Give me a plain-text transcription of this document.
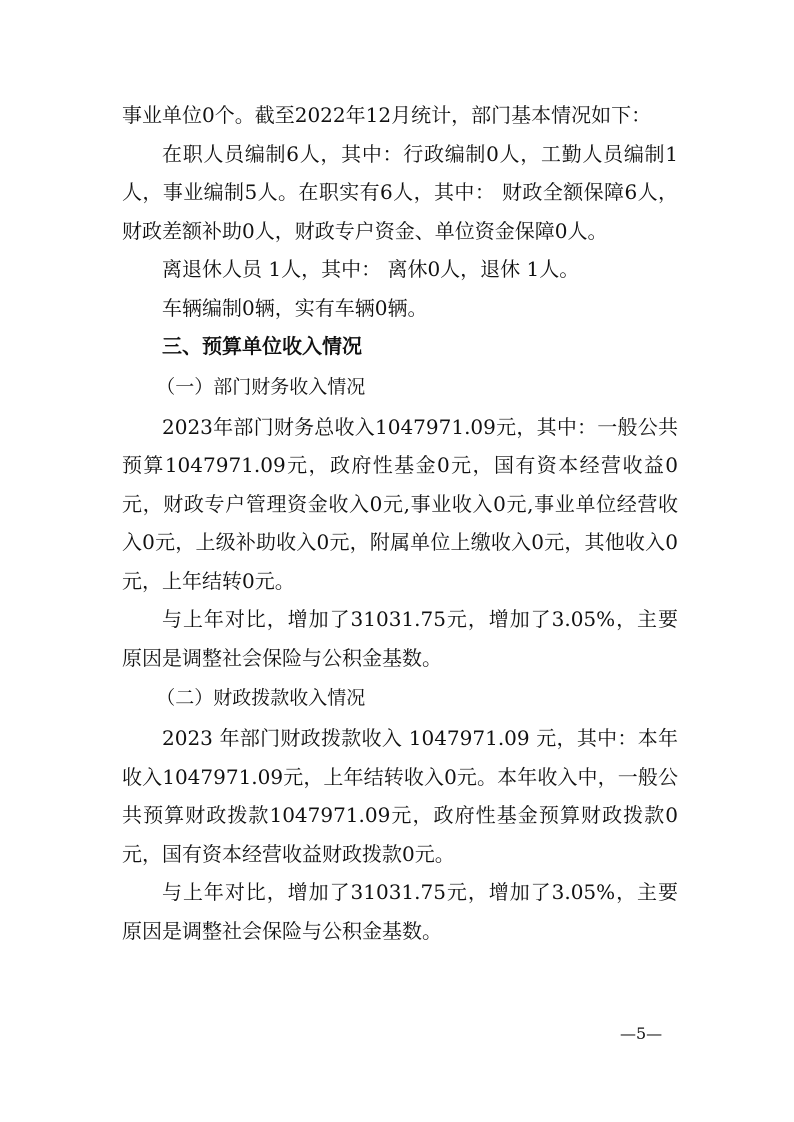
事业单位0个。截至2022年12月统计，部门基本情况如下：

在职人员编制6人，其中：行政编制0人，工勤人员编制1人，事业编制5人。在职实有6人，其中： 财政全额保障6人，财政差额补助0人，财政专户资金、单位资金保障0人。

离退休人员 1人，其中： 离休0人，退休 1人。

车辆编制0辆，实有车辆0辆。

三、预算单位收入情况
（一）部门财务收入情况

2023年部门财务总收入1047971.09元，其中：一般公共预算1047971.09元，政府性基金0元，国有资本经营收益0元，财政专户管理资金收入0元,事业收入0元,事业单位经营收入0元，上级补助收入0元，附属单位上缴收入0元，其他收入0元，上年结转0元。

与上年对比，增加了31031.75元，增加了3.05%，主要原因是调整社会保险与公积金基数。

（二）财政拨款收入情况

2023 年部门财政拨款收入 1047971.09 元，其中：本年收入1047971.09元，上年结转收入0元。本年收入中，一般公共预算财政拨款1047971.09元，政府性基金预算财政拨款0元，国有资本经营收益财政拨款0元。

与上年对比，增加了31031.75元，增加了3.05%，主要原因是调整社会保险与公积金基数。

—5—
